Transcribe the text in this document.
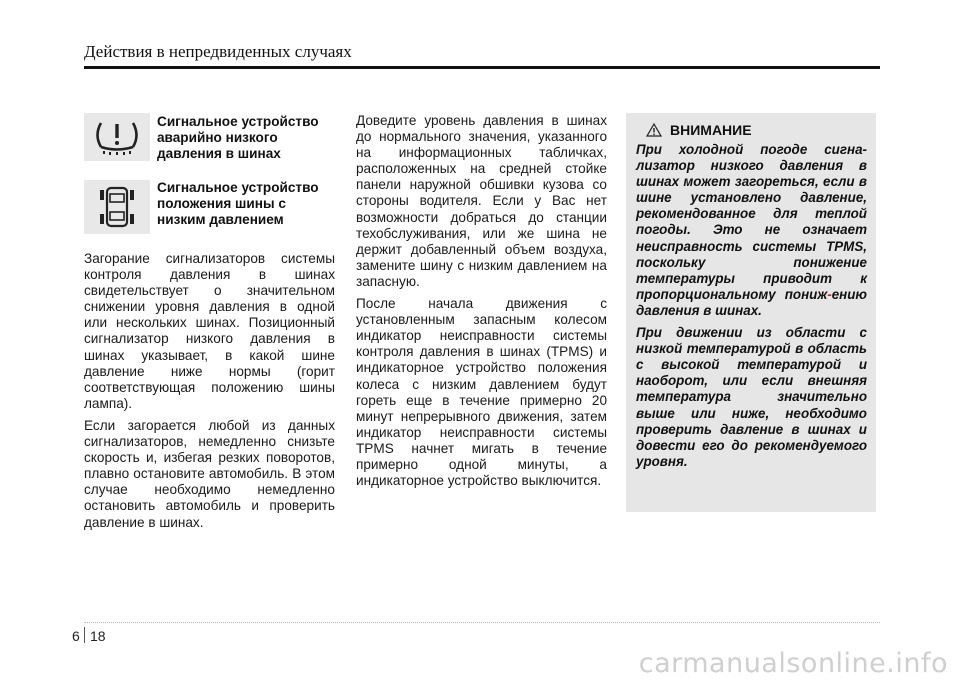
Действия в непредвиденных случаях
Сигнальное устройство аварийно низкого давления в шинах
Сигнальное устройство положения шины с низким давлением

Загорание сигнализаторов системы контроля давления в шинах свидетельствует о значительном снижении уровня давления в одной или нескольких шинах. Позиционный сигнализатор низкого давления в шинах указывает, в какой шине давление ниже нормы (горит соответствующая положению шины лампа).

Если загорается любой из данных сигнализаторов, немедленно снизьте скорость и, избегая резких поворотов, плавно остановите автомобиль. В этом случае необходимо немедленно остановить автомобиль и проверить давление в шинах.

Доведите уровень давления в шинах до нормального значения, указанного на информационных табличках, расположенных на средней стойке панели наружной обшивки кузова со стороны водителя. Если у Вас нет возможности добраться до станции техобслуживания, или же шина не держит добавленный объем воздуха, замените шину с низким давлением на запасную.

После начала движения с установленным запасным колесом индикатор неисправности системы контроля давления в шинах (TPMS) и индикаторное устройство положения колеса с низким давлением будут гореть еще в течение примерно 20 минут непрерывного движения, затем индикатор неисправности системы TPMS начнет мигать в течение примерно одной минуты, а индикаторное устройство выключится.

ВНИМАНИЕ

При холодной погоде сигна-лизатор низкого давления в шинах может загореться, если в шине установлено давление, рекомендованное для теплой погоды. Это не означает неисправность системы TPMS, поскольку понижение температуры приводит к пропорциональному пониж-ению давления в шинах.

При движении из области с низкой температурой в область с высокой температурой и наоборот, или если внешняя температура значительно выше или ниже, необходимо проверить давление в шинах и довести его до рекомендуемого уровня.

6 18
carmanualsonline.info
